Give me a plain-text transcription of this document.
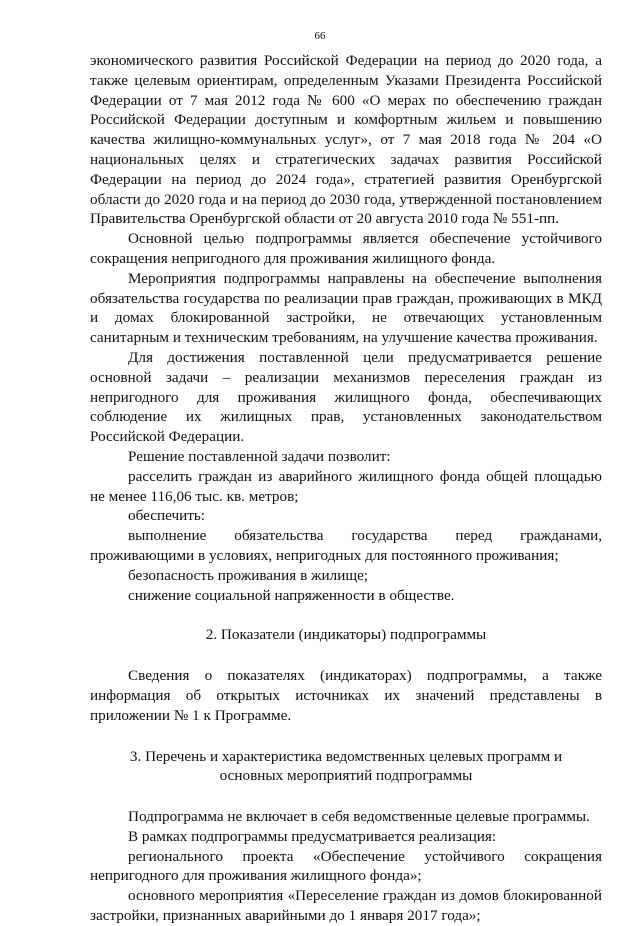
66

экономического развития Российской Федерации на период до 2020 года, а также целевым ориентирам, определенным Указами Президента Российской Федерации от 7 мая 2012 года № 600 «О мерах по обеспечению граждан Российской Федерации доступным и комфортным жильем и повышению качества жилищно-коммунальных услуг», от 7 мая 2018 года № 204 «О национальных целях и стратегических задачах развития Российской Федерации на период до 2024 года», стратегией развития Оренбургской области до 2020 года и на период до 2030 года, утвержденной постановлением Правительства Оренбургской области от 20 августа 2010 года № 551-пп.

Основной целью подпрограммы является обеспечение устойчивого сокращения непригодного для проживания жилищного фонда.

Мероприятия подпрограммы направлены на обеспечение выполнения обязательства государства по реализации прав граждан, проживающих в МКД и домах блокированной застройки, не отвечающих установленным санитарным и техническим требованиям, на улучшение качества проживания.

Для достижения поставленной цели предусматривается решение основной задачи – реализации механизмов переселения граждан из непригодного для проживания жилищного фонда, обеспечивающих соблюдение их жилищных прав, установленных законодательством Российской Федерации.

Решение поставленной задачи позволит:

расселить граждан из аварийного жилищного фонда общей площадью не менее 116,06 тыс. кв. метров;

обеспечить:

выполнение обязательства государства перед гражданами, проживающими в условиях, непригодных для постоянного проживания;

безопасность проживания в жилище;

снижение социальной напряженности в обществе.

2. Показатели (индикаторы) подпрограммы

Сведения о показателях (индикаторах) подпрограммы, а также информация об открытых источниках их значений представлены в приложении № 1 к Программе.

3. Перечень и характеристика ведомственных целевых программ и
основных мероприятий подпрограммы

Подпрограмма не включает в себя ведомственные целевые программы.

В рамках подпрограммы предусматривается реализация:

регионального проекта «Обеспечение устойчивого сокращения непригодного для проживания жилищного фонда»;

основного мероприятия «Переселение граждан из домов блокированной застройки, признанных аварийными до 1 января 2017 года»;
